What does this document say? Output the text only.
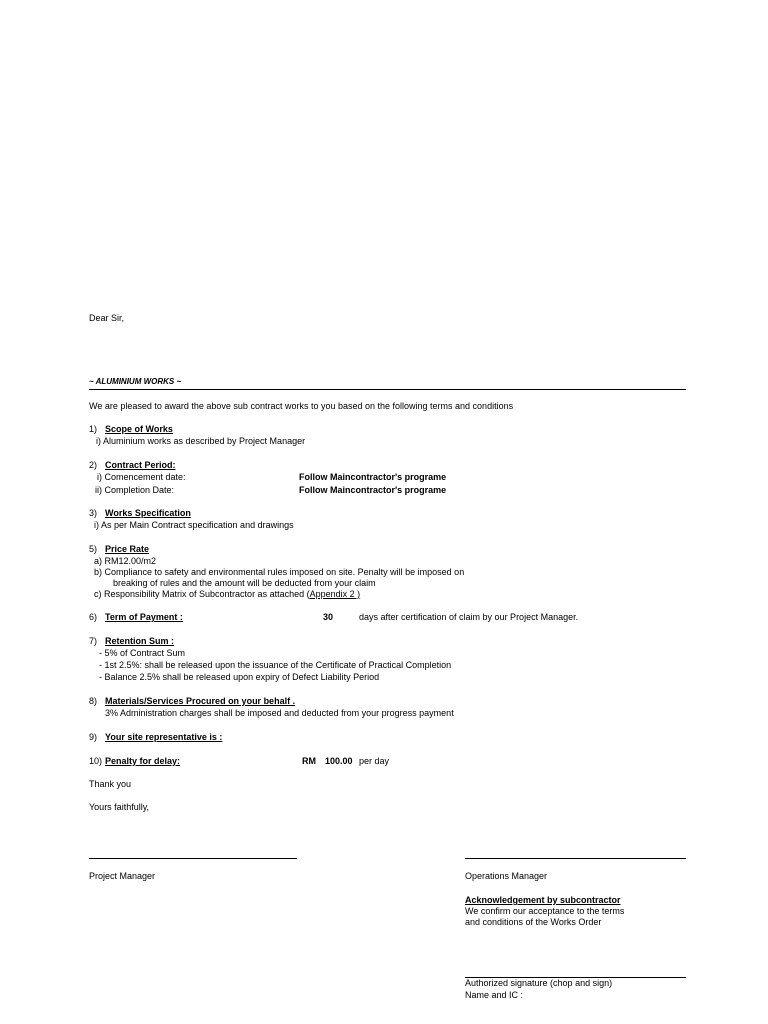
Dear Sir,
~ ALUMINIUM WORKS ~
We are pleased to award the above sub contract works to you based on the following terms and conditions
1) Scope of Works
i) Aluminium works as described by Project Manager
2) Contract Period:
i) Comencement date:	Follow Maincontractor's programe
ii) Completion Date:	Follow Maincontractor's programe
3) Works Specification
i) As per Main Contract specification and drawings
5) Price Rate
a) RM12.00/m2
b) Compliance to safety and environmental rules imposed on site. Penalty will be imposed on
breaking of rules and the amount will be deducted from your claim
c) Responsibility Matrix of Subcontractor as attached (Appendix 2 )
6) Term of Payment :	30	days after certification of claim by our Project Manager.
7) Retention Sum :
- 5% of Contract Sum
- 1st 2.5%: shall be released upon the issuance of the Certificate of Practical Completion
- Balance 2.5% shall be released upon expiry of Defect Liability Period
8) Materials/Services Procured on your behalf .
3% Administration charges shall be imposed and deducted from your progress payment
9) Your site representative is :
10) Penalty for delay:	RM 100.00 per day
Thank you
Yours faithfully,
Project Manager	Operations Manager
Acknowledgement by subcontractor
We confirm our acceptance to the terms
and conditions of the Works Order
Authorized signature (chop and sign)
Name and IC :
